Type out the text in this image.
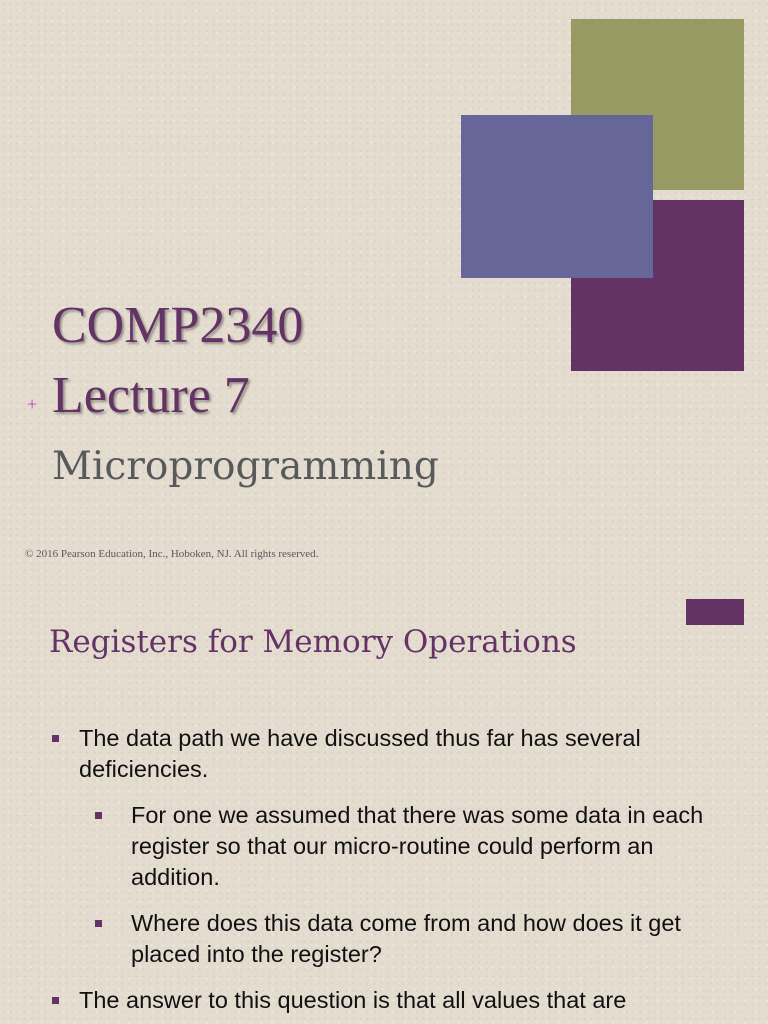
COMP2340
+ Lecture 7
Microprogramming
© 2016 Pearson Education, Inc., Hoboken, NJ. All rights reserved.
Registers for Memory Operations
The data path we have discussed thus far has several deficiencies.
For one we assumed that there was some data in each register so that our micro-routine could perform an addition.
Where does this data come from and how does it get placed into the register?
The answer to this question is that all values that are
